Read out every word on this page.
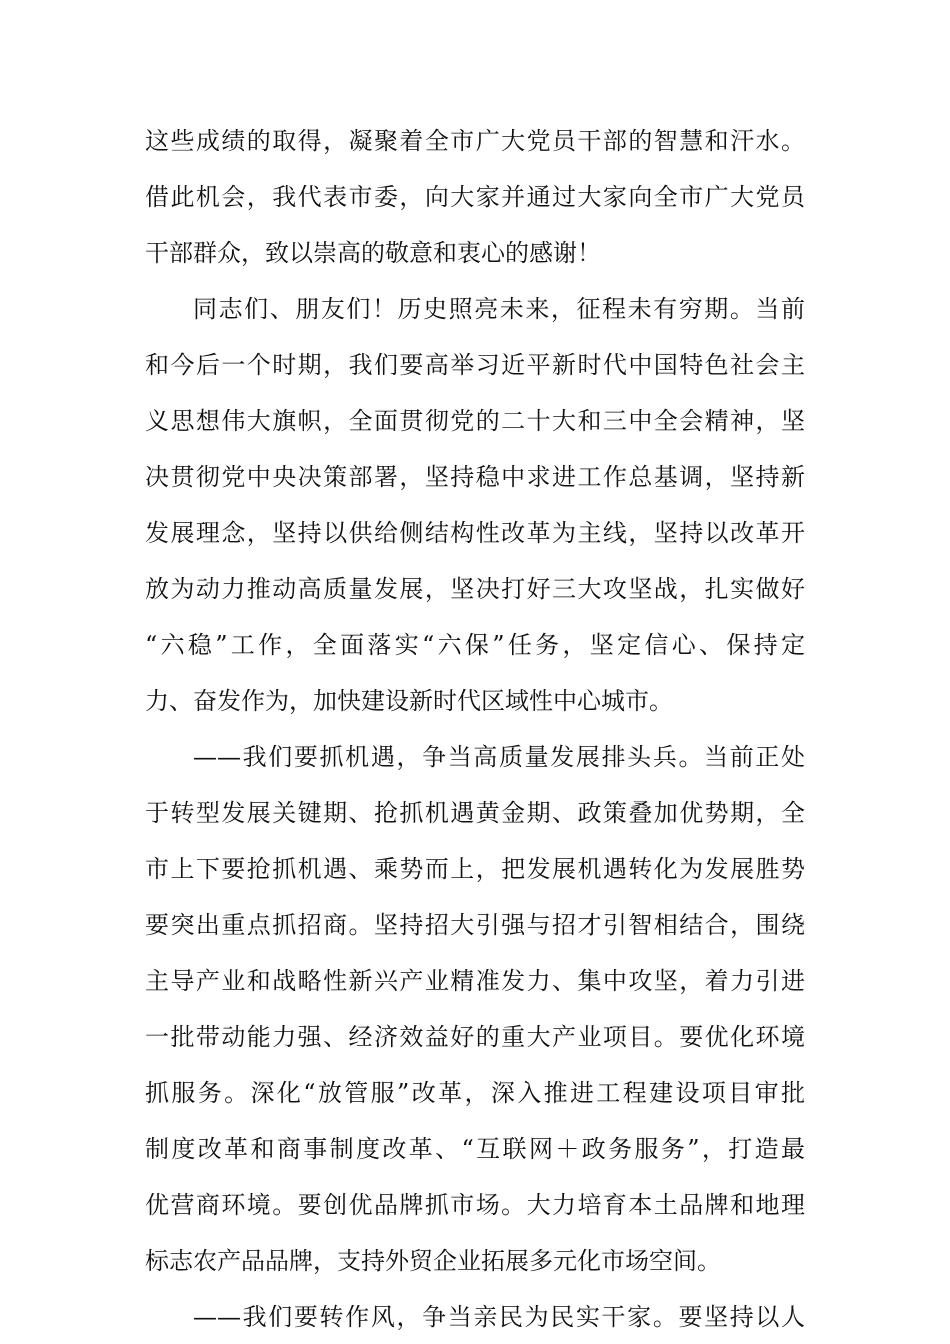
这些成绩的取得，凝聚着全市广大党员干部的智慧和汗水。
借此机会，我代表市委，向大家并通过大家向全市广大党员
干部群众，致以崇高的敬意和衷心的感谢！
同志们、朋友们！历史照亮未来，征程未有穷期。当前
和今后一个时期，我们要高举习近平新时代中国特色社会主
义思想伟大旗帜，全面贯彻党的二十大和三中全会精神，坚
决贯彻党中央决策部署，坚持稳中求进工作总基调，坚持新
发展理念，坚持以供给侧结构性改革为主线，坚持以改革开
放为动力推动高质量发展，坚决打好三大攻坚战，扎实做好
“六稳”工作，全面落实“六保”任务，坚定信心、保持定
力、奋发作为，加快建设新时代区域性中心城市。
——我们要抓机遇，争当高质量发展排头兵。当前正处
于转型发展关键期、抢抓机遇黄金期、政策叠加优势期，全
市上下要抢抓机遇、乘势而上，把发展机遇转化为发展胜势
要突出重点抓招商。坚持招大引强与招才引智相结合，围绕
主导产业和战略性新兴产业精准发力、集中攻坚，着力引进
一批带动能力强、经济效益好的重大产业项目。要优化环境
抓服务。深化“放管服”改革，深入推进工程建设项目审批
制度改革和商事制度改革、“互联网＋政务服务”，打造最
优营商环境。要创优品牌抓市场。大力培育本土品牌和地理
标志农产品品牌，支持外贸企业拓展多元化市场空间。
——我们要转作风，争当亲民为民实干家。要坚持以人
